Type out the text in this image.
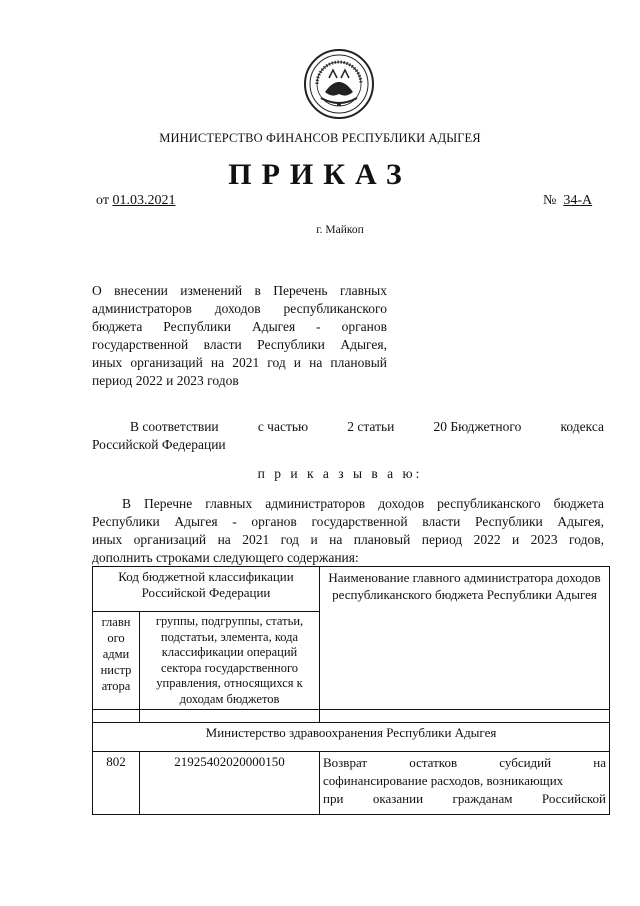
МИНИСТЕРСТВО ФИНАНСОВ РЕСПУБЛИКИ АДЫГЕЯ
ПРИКАЗ
от 01.03.2021	№ 34-А
г. Майкоп
О внесении изменений в Перечень главных
администраторов доходов республиканского
бюджета Республики Адыгея - органов
государственной власти Республики Адыгея,
иных организаций на 2021 год и на плановый
период 2022 и 2023 годов
В соответствии	с частью	2 статьи	20 Бюджетного	кодекса
Российской Федерации
п р и к а з ы в а ю:
В Перечне главных администраторов доходов республиканского бюджета
Республики Адыгея - органов государственной власти Республики Адыгея,
иных организаций на 2021 год и на плановый период 2022 и 2023 годов,
дополнить строками следующего содержания:
Код бюджетной классификации Российской Федерации		Наименование главного администратора доходов республиканского бюджета Республики Адыгея
главн
ого
адми
нистр
атора	группы, подгруппы, статьи, подстатьи, элемента, кода классификации операций сектора государственного управления, относящихся к доходам бюджетов	

Министерство здравоохранения Республики Адыгея		
802	21925402020000150	Возврат остатков субсидий на
софинансирование расходов, возникающих
при оказании гражданам Российской
